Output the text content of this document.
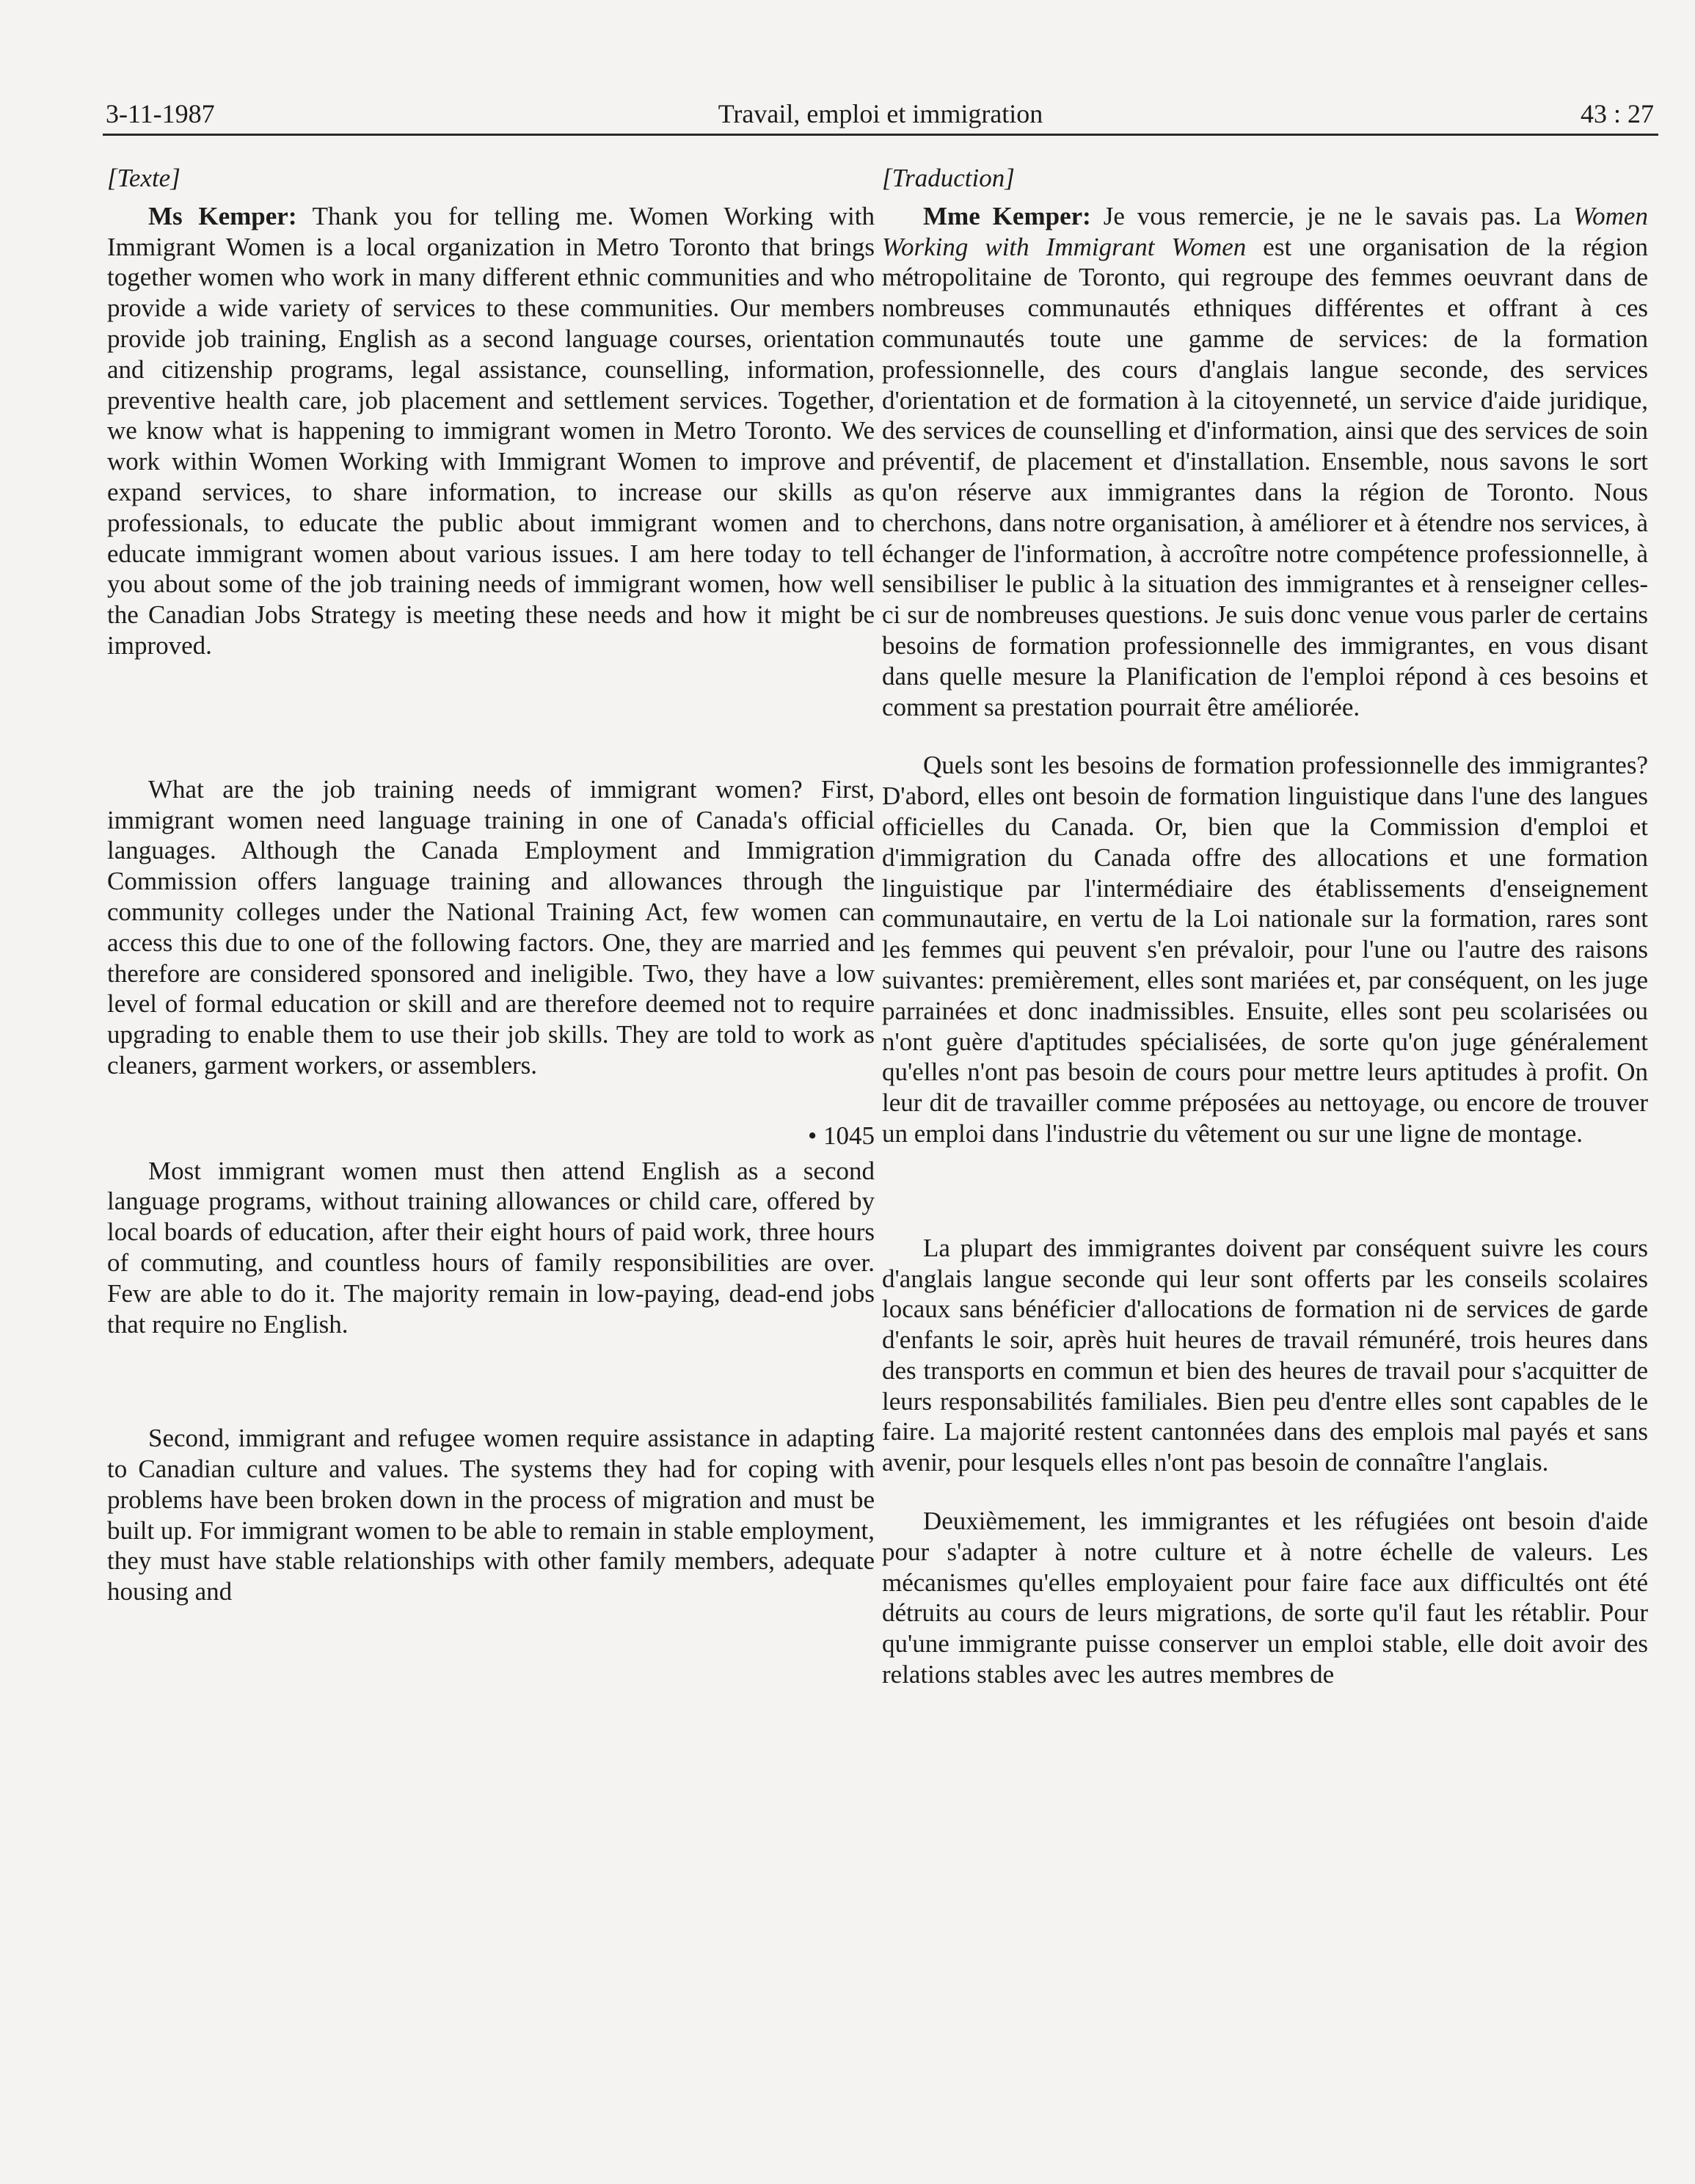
3-11-1987	Travail, emploi et immigration	43 : 27

[Texte]

Ms Kemper: Thank you for telling me. Women Working with Immigrant Women is a local organization in Metro Toronto that brings together women who work in many different ethnic communities and who provide a wide variety of services to these communities. Our members provide job training, English as a second language courses, orientation and citizenship programs, legal assistance, counselling, information, preventive health care, job placement and settlement services. Together, we know what is happening to immigrant women in Metro Toronto. We work within Women Working with Immigrant Women to improve and expand services, to share information, to increase our skills as professionals, to educate the public about immigrant women and to educate immigrant women about various issues. I am here today to tell you about some of the job training needs of immigrant women, how well the Canadian Jobs Strategy is meeting these needs and how it might be improved.

What are the job training needs of immigrant women? First, immigrant women need language training in one of Canada's official languages. Although the Canada Employment and Immigration Commission offers language training and allowances through the community colleges under the National Training Act, few women can access this due to one of the following factors. One, they are married and therefore are considered sponsored and ineligible. Two, they have a low level of formal education or skill and are therefore deemed not to require upgrading to enable them to use their job skills. They are told to work as cleaners, garment workers, or assemblers.

• 1045

Most immigrant women must then attend English as a second language programs, without training allowances or child care, offered by local boards of education, after their eight hours of paid work, three hours of commuting, and countless hours of family responsibilities are over. Few are able to do it. The majority remain in low-paying, dead-end jobs that require no English.

Second, immigrant and refugee women require assistance in adapting to Canadian culture and values. The systems they had for coping with problems have been broken down in the process of migration and must be built up. For immigrant women to be able to remain in stable employment, they must have stable relationships with other family members, adequate housing and

[Traduction]

Mme Kemper: Je vous remercie, je ne le savais pas. La Women Working with Immigrant Women est une organisation de la région métropolitaine de Toronto, qui regroupe des femmes oeuvrant dans de nombreuses communautés ethniques différentes et offrant à ces communautés toute une gamme de services: de la formation professionnelle, des cours d'anglais langue seconde, des services d'orientation et de formation à la citoyenneté, un service d'aide juridique, des services de counselling et d'information, ainsi que des services de soin préventif, de placement et d'installation. Ensemble, nous savons le sort qu'on réserve aux immigrantes dans la région de Toronto. Nous cherchons, dans notre organisation, à améliorer et à étendre nos services, à échanger de l'information, à accroître notre compétence professionnelle, à sensibiliser le public à la situation des immigrantes et à renseigner celles-ci sur de nombreuses questions. Je suis donc venue vous parler de certains besoins de formation professionnelle des immigrantes, en vous disant dans quelle mesure la Planification de l'emploi répond à ces besoins et comment sa prestation pourrait être améliorée.

Quels sont les besoins de formation professionnelle des immigrantes? D'abord, elles ont besoin de formation linguistique dans l'une des langues officielles du Canada. Or, bien que la Commission d'emploi et d'immigration du Canada offre des allocations et une formation linguistique par l'intermédiaire des établissements d'enseignement communautaire, en vertu de la Loi nationale sur la formation, rares sont les femmes qui peuvent s'en prévaloir, pour l'une ou l'autre des raisons suivantes: premièrement, elles sont mariées et, par conséquent, on les juge parrainées et donc inadmissibles. Ensuite, elles sont peu scolarisées ou n'ont guère d'aptitudes spécialisées, de sorte qu'on juge généralement qu'elles n'ont pas besoin de cours pour mettre leurs aptitudes à profit. On leur dit de travailler comme préposées au nettoyage, ou encore de trouver un emploi dans l'industrie du vêtement ou sur une ligne de montage.

La plupart des immigrantes doivent par conséquent suivre les cours d'anglais langue seconde qui leur sont offerts par les conseils scolaires locaux sans bénéficier d'allocations de formation ni de services de garde d'enfants le soir, après huit heures de travail rémunéré, trois heures dans des transports en commun et bien des heures de travail pour s'acquitter de leurs responsabilités familiales. Bien peu d'entre elles sont capables de le faire. La majorité restent cantonnées dans des emplois mal payés et sans avenir, pour lesquels elles n'ont pas besoin de connaître l'anglais.

Deuxièmement, les immigrantes et les réfugiées ont besoin d'aide pour s'adapter à notre culture et à notre échelle de valeurs. Les mécanismes qu'elles employaient pour faire face aux difficultés ont été détruits au cours de leurs migrations, de sorte qu'il faut les rétablir. Pour qu'une immigrante puisse conserver un emploi stable, elle doit avoir des relations stables avec les autres membres de
